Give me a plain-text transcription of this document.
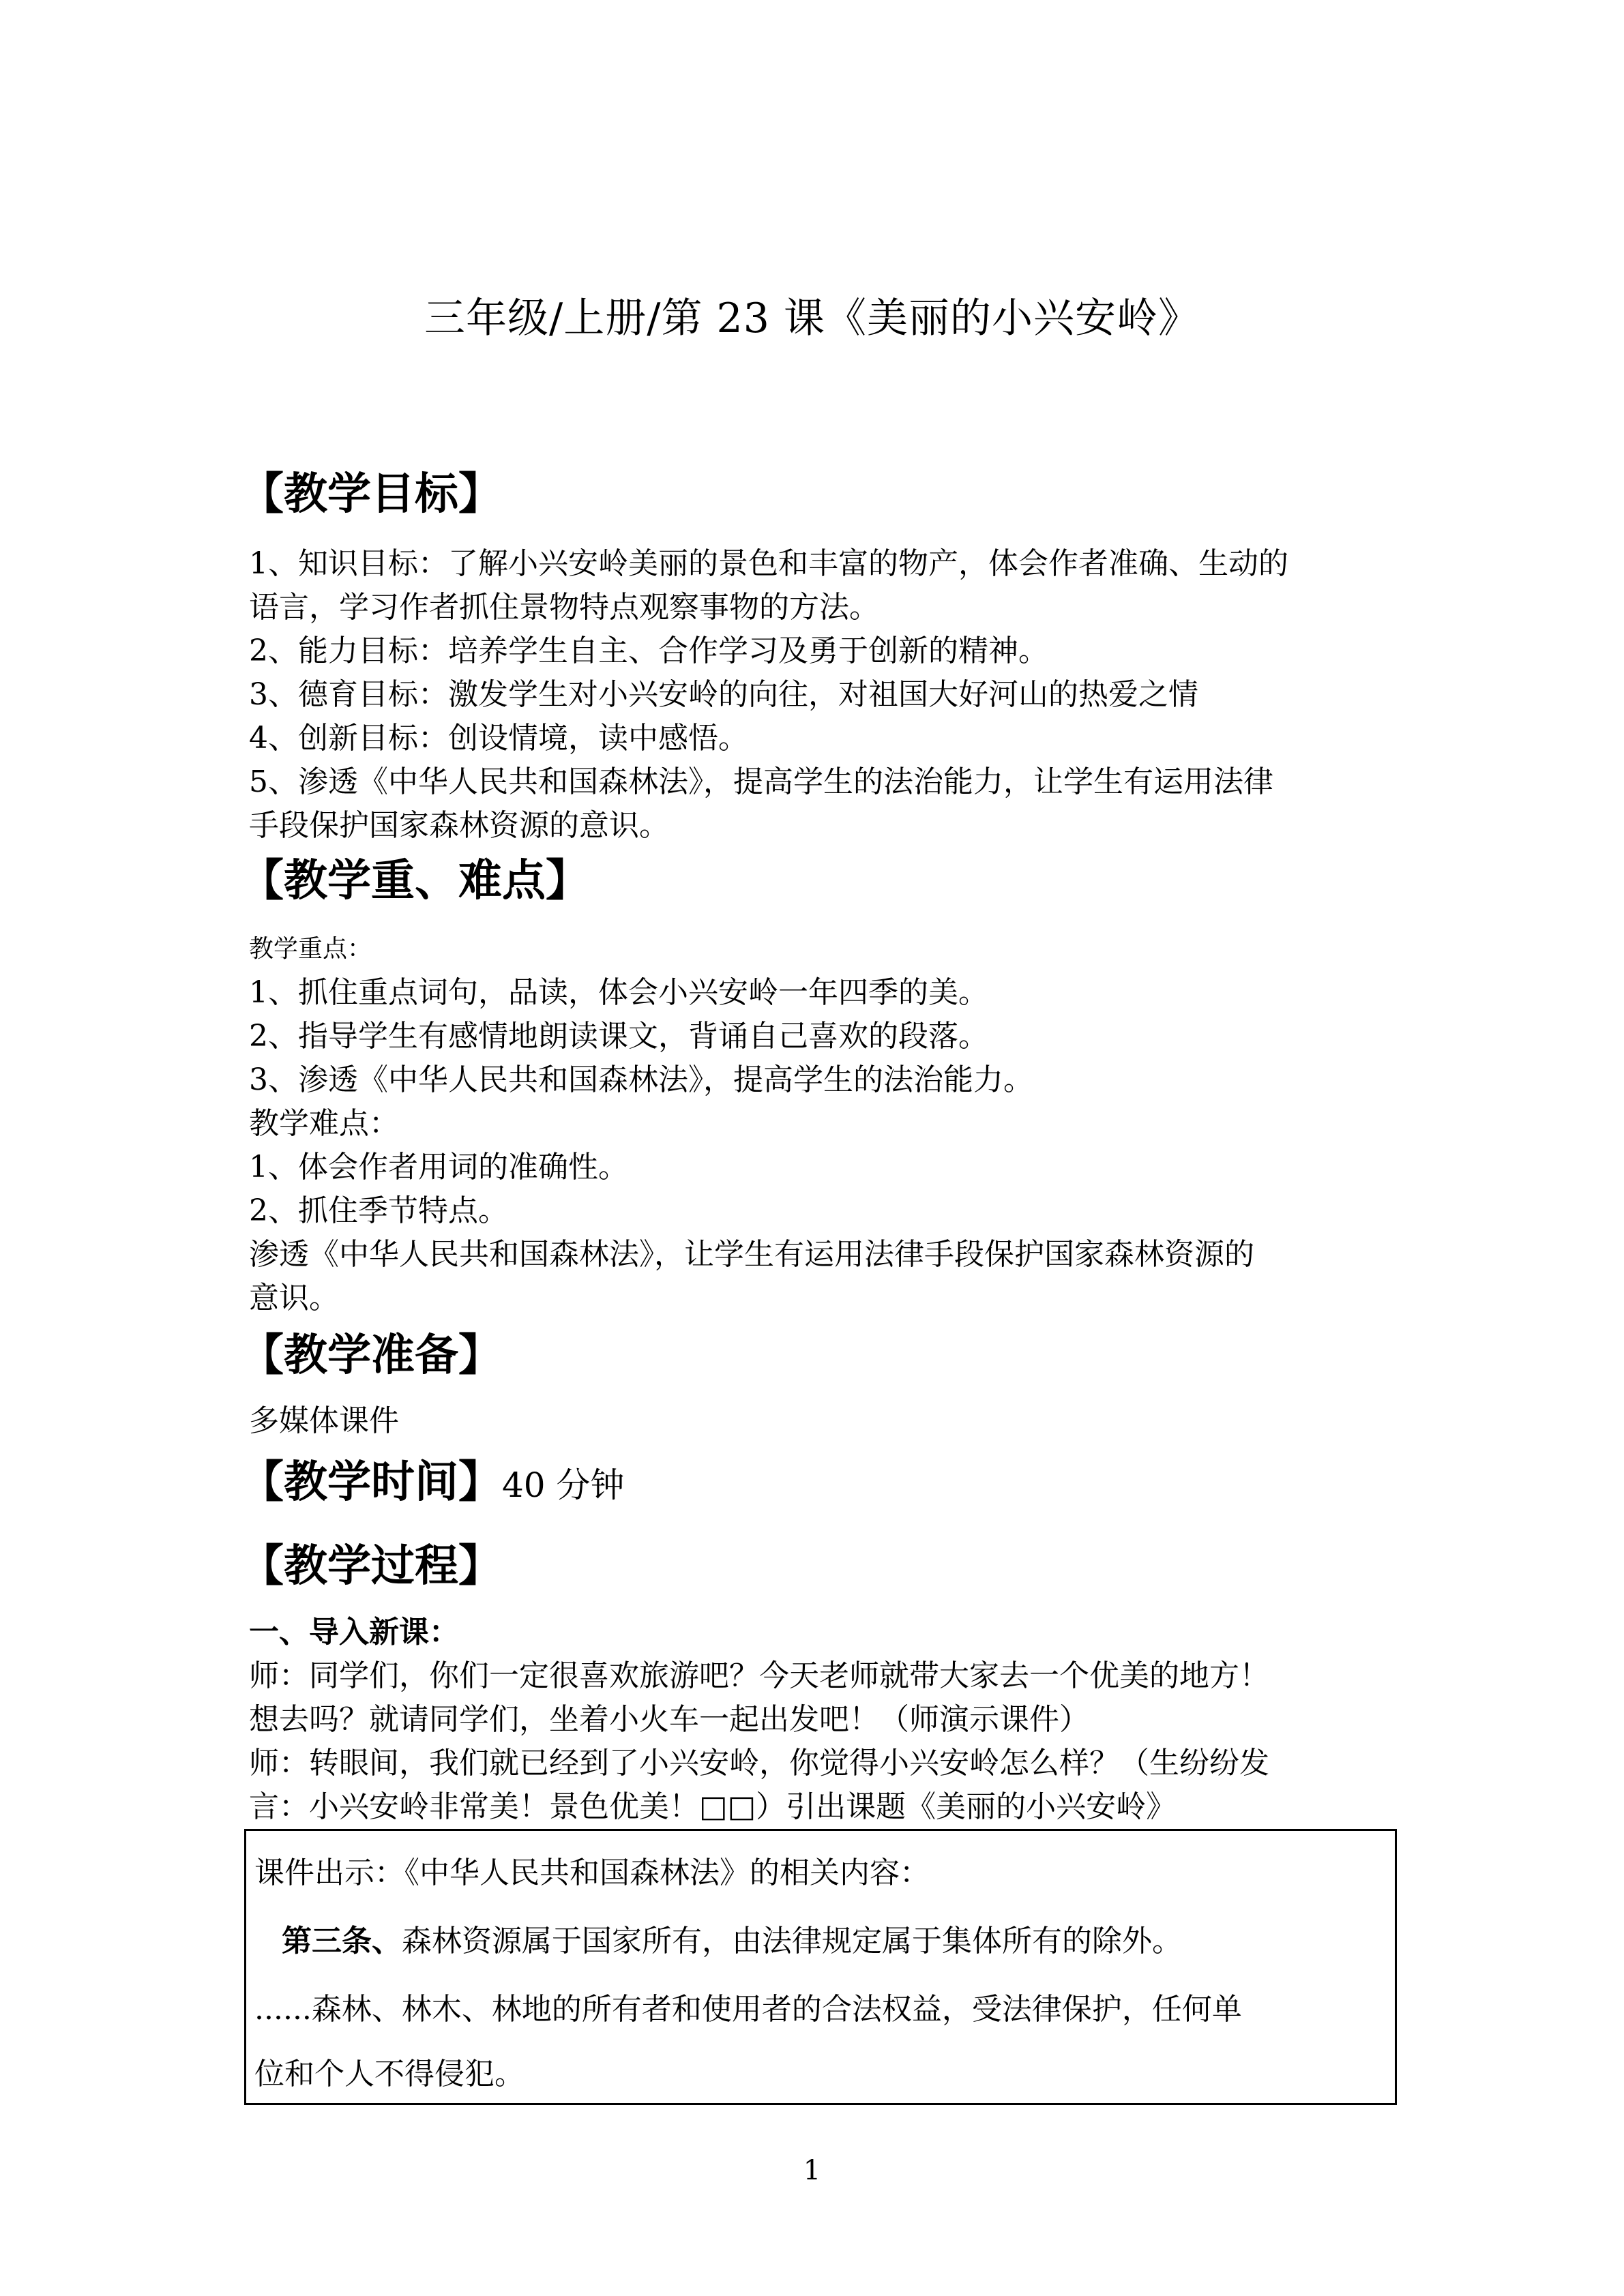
三年级/上册/第 23 课《美丽的小兴安岭》
【教学目标】
1、知识目标：了解小兴安岭美丽的景色和丰富的物产，体会作者准确、生动的
语言，学习作者抓住景物特点观察事物的方法。
2、能力目标：培养学生自主、合作学习及勇于创新的精神。
3、德育目标：激发学生对小兴安岭的向往，对祖国大好河山的热爱之情
4、创新目标：创设情境，读中感悟。
5、渗透《中华人民共和国森林法》，提高学生的法治能力，让学生有运用法律
手段保护国家森林资源的意识。
【教学重、难点】
教学重点：
1、抓住重点词句，品读，体会小兴安岭一年四季的美。
2、指导学生有感情地朗读课文，背诵自己喜欢的段落。
3、渗透《中华人民共和国森林法》，提高学生的法治能力。
教学难点：
1、体会作者用词的准确性。
2、抓住季节特点。
渗透《中华人民共和国森林法》，让学生有运用法律手段保护国家森林资源的
意识。
【教学准备】
多媒体课件
【教学时间】40 分钟
【教学过程】
一、导入新课：
师：同学们，你们一定很喜欢旅游吧？今天老师就带大家去一个优美的地方！
想去吗？就请同学们，坐着小火车一起出发吧！（师演示课件）
师：转眼间，我们就已经到了小兴安岭，你觉得小兴安岭怎么样？（生纷纷发
言：小兴安岭非常美！景色优美！□□）引出课题《美丽的小兴安岭》
课件出示：《中华人民共和国森林法》的相关内容：
第三条、森林资源属于国家所有，由法律规定属于集体所有的除外。
......森林、林木、林地的所有者和使用者的合法权益，受法律保护，任何单
位和个人不得侵犯。
1
